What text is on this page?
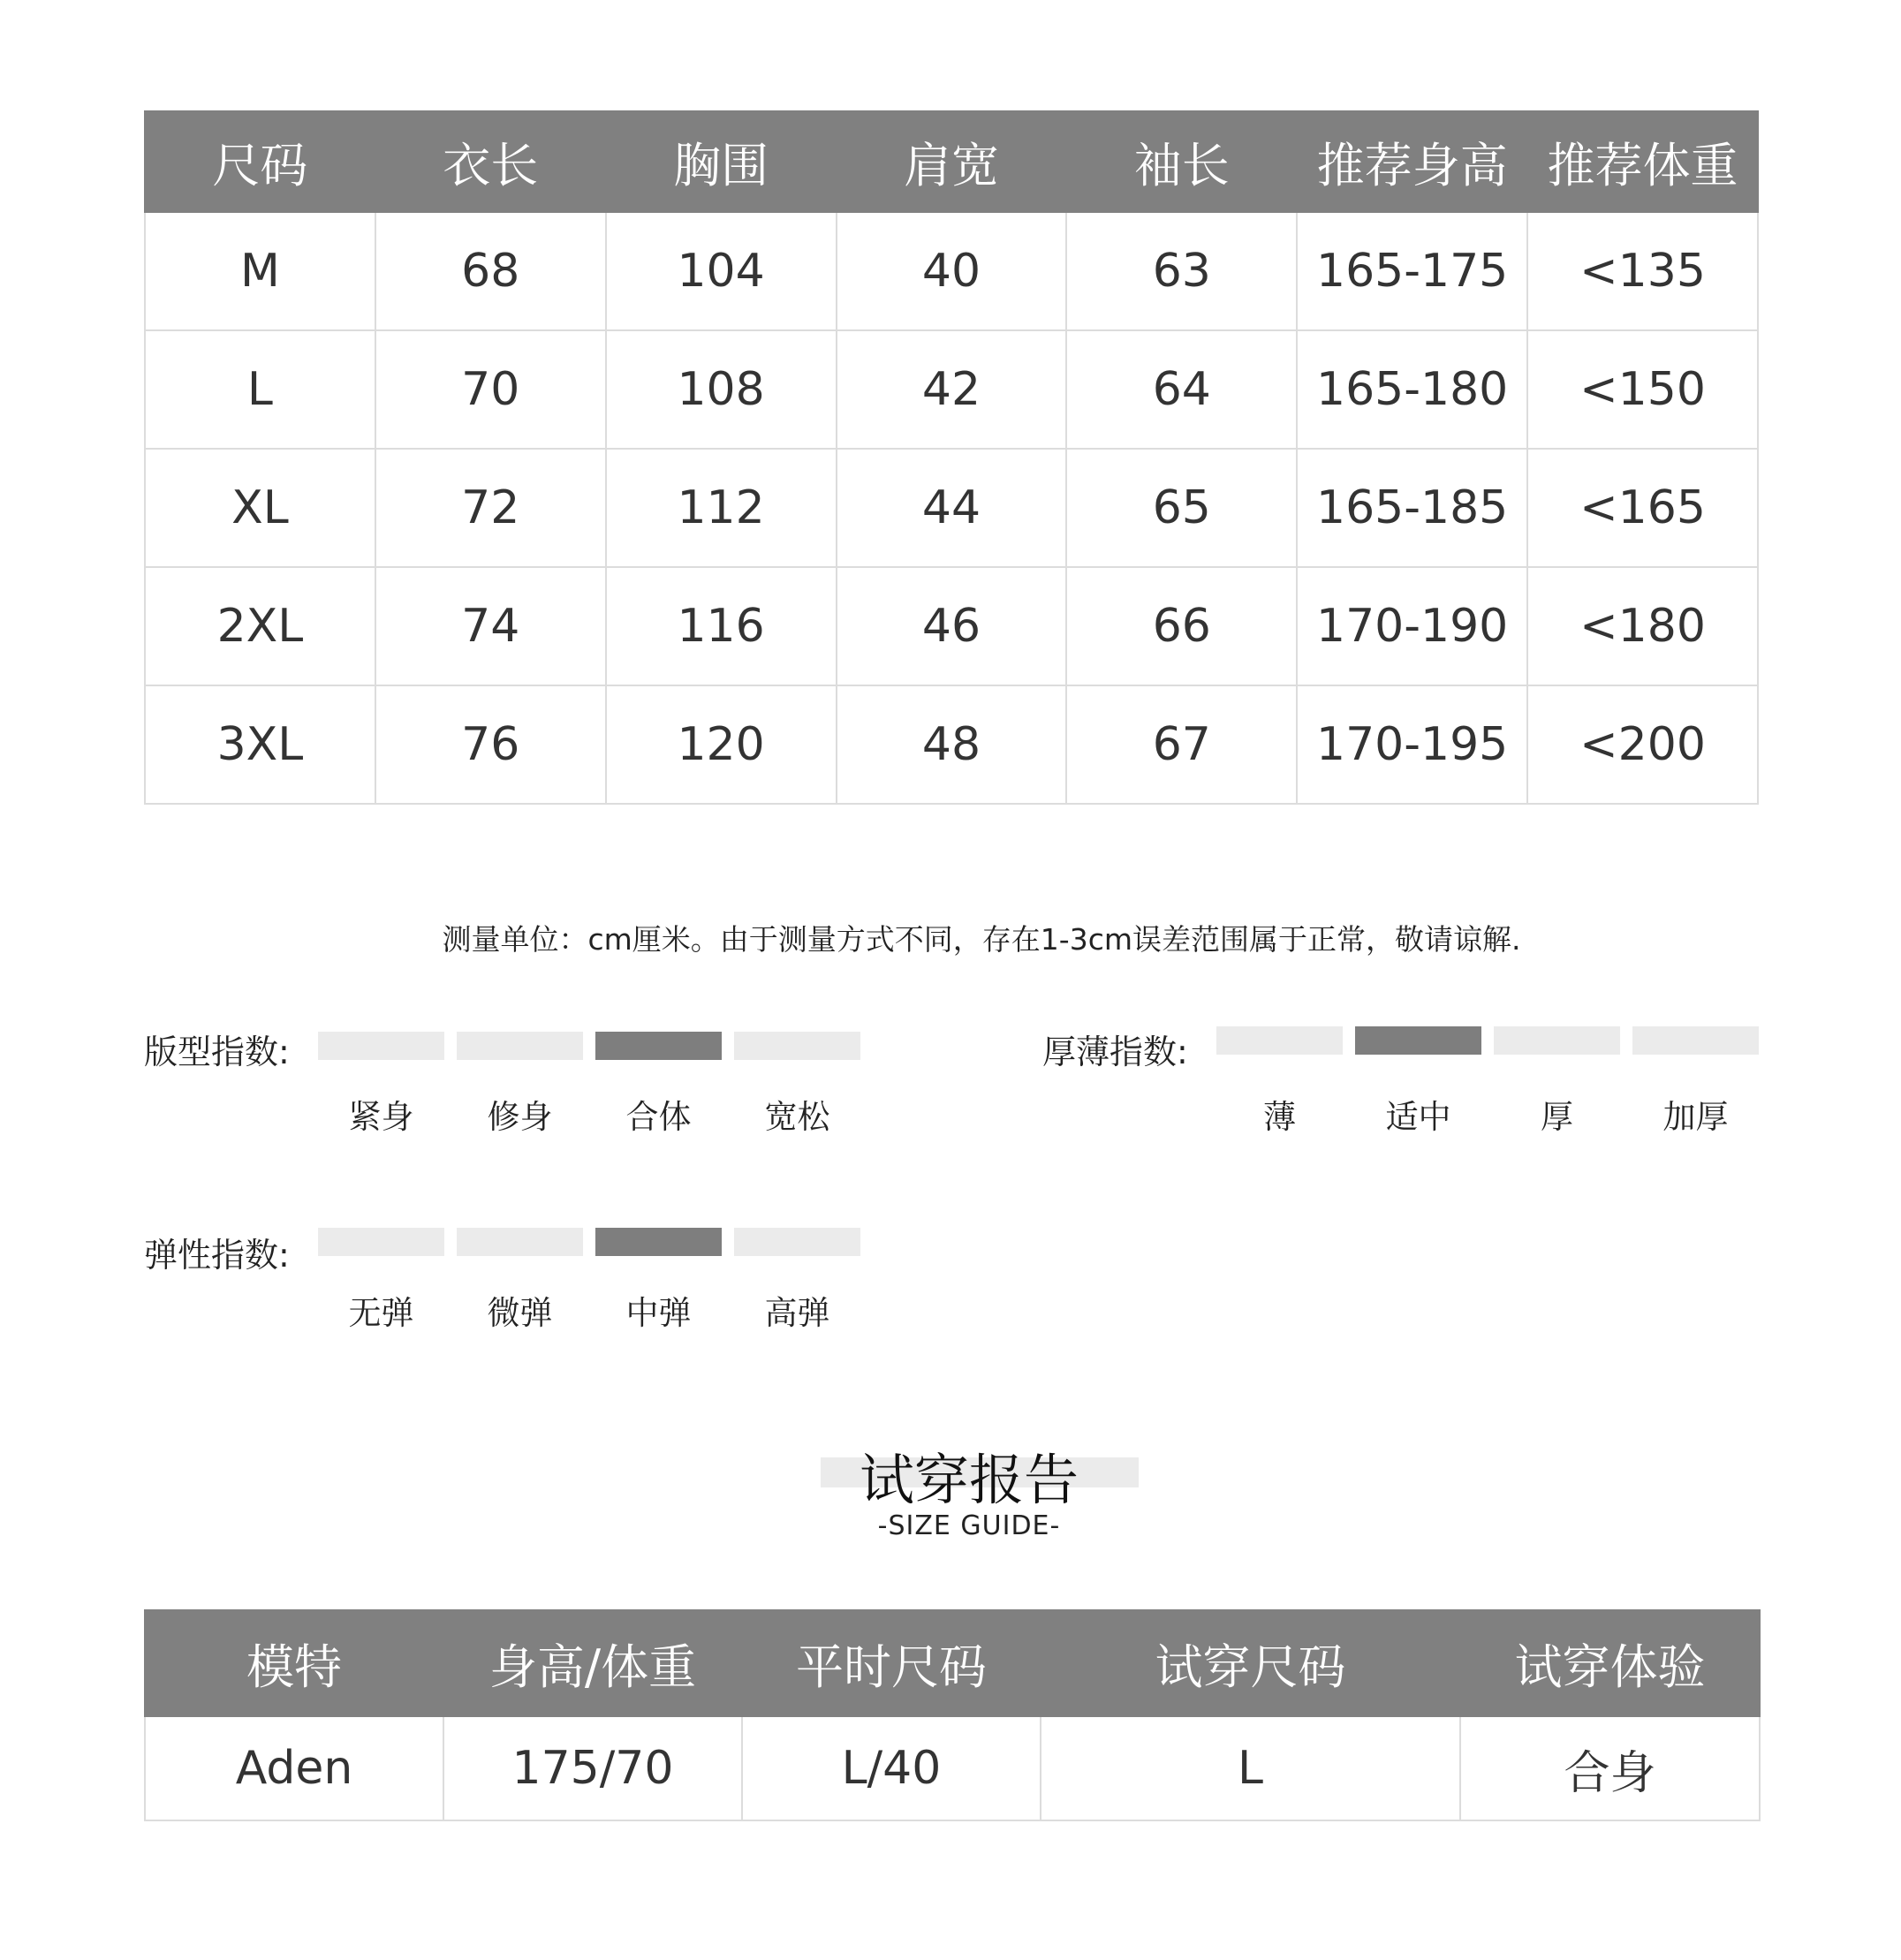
尺码	衣长	胸围	肩宽	袖长	推荐身高	推荐体重
M	68	104	40	63	165-175	<135
L	70	108	42	64	165-180	<150
XL	72	112	44	65	165-185	<165
2XL	74	116	46	66	170-190	<180
3XL	76	120	48	67	170-195	<200
测量单位：cm厘米。由于测量方式不同，存在1-3cm误差范围属于正常，敬请谅解.
版型指数:
紧身	修身	合体	宽松
厚薄指数:
薄	适中	厚	加厚
弹性指数:
无弹	微弹	中弹	高弹
试穿报告
-SIZE GUIDE-
模特	身高/体重	平时尺码	试穿尺码	试穿体验
Aden	175/70	L/40	L	合身
